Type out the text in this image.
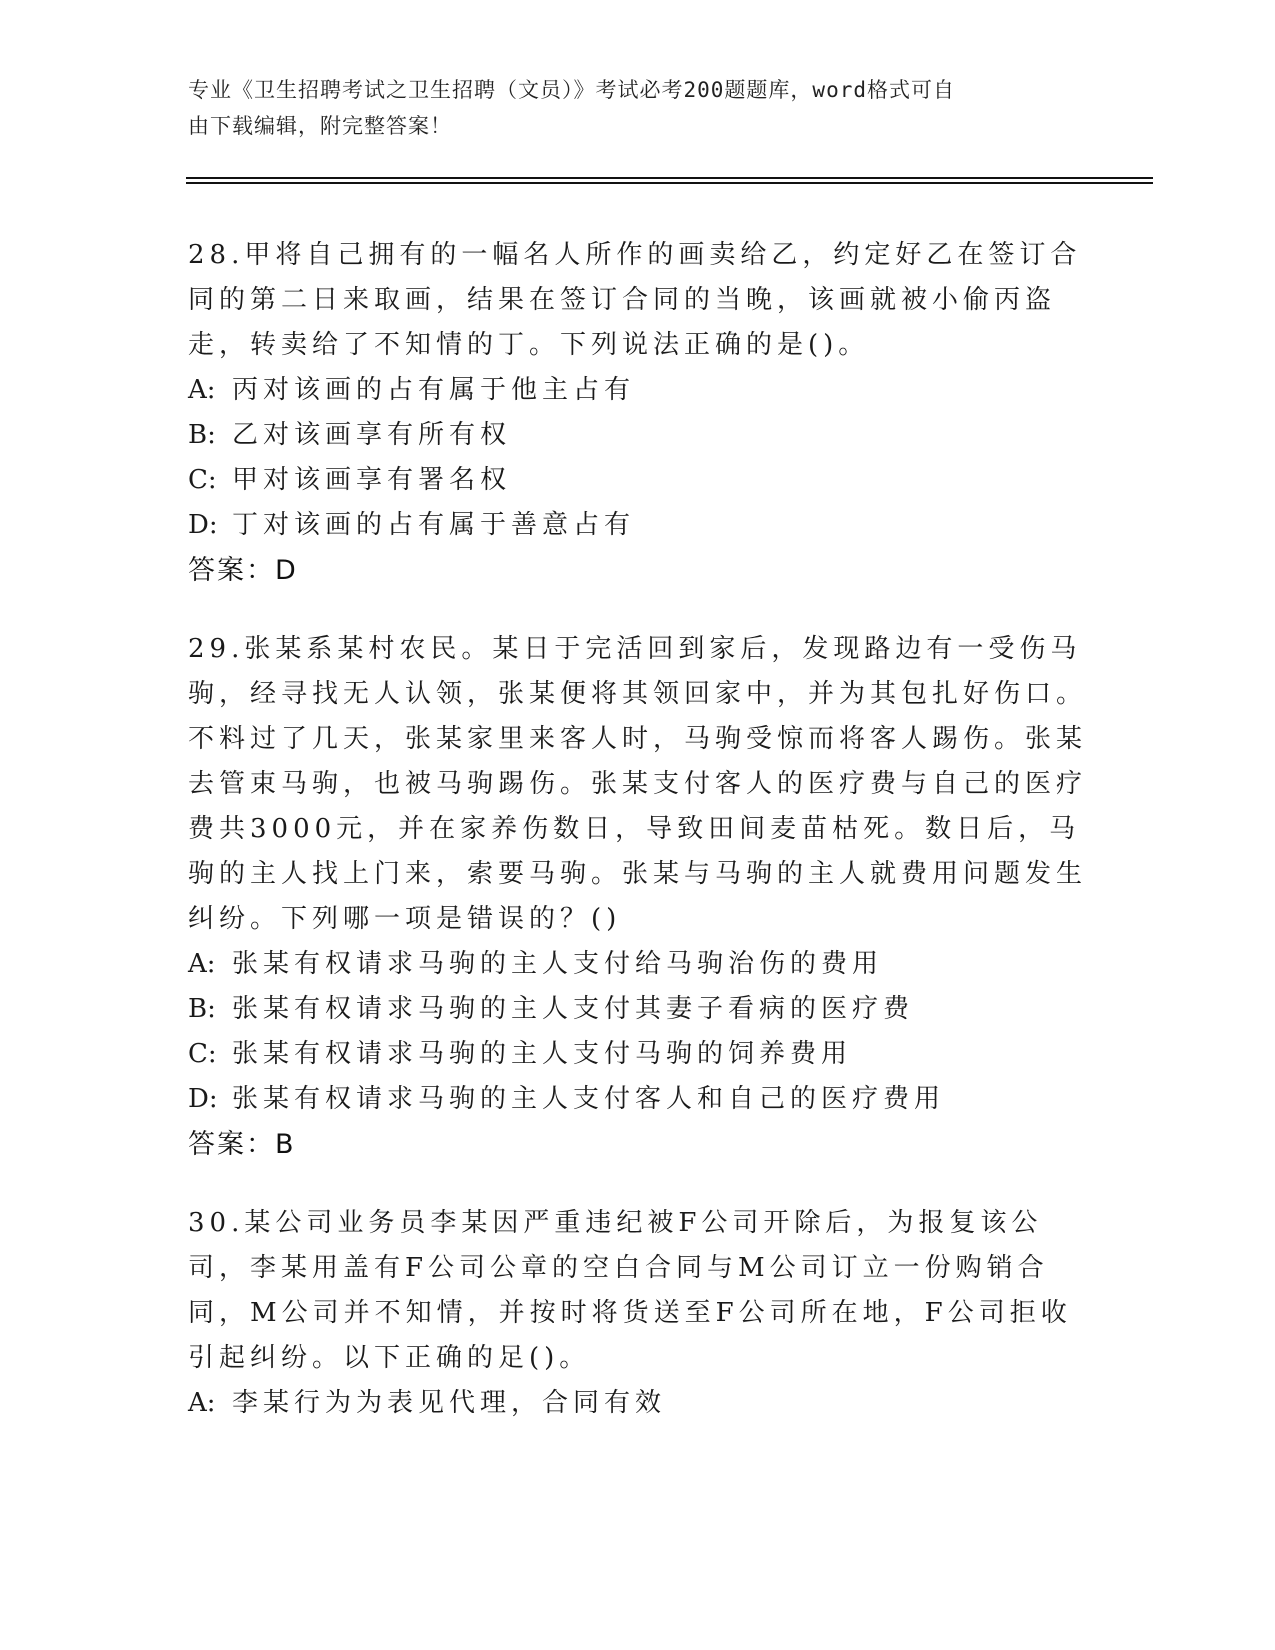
专业《卫生招聘考试之卫生招聘（文员）》考试必考200题题库，word格式可自
由下载编辑，附完整答案！

28.甲将自己拥有的一幅名人所作的画卖给乙，约定好乙在签订合同的第二日来取画，结果在签订合同的当晚，该画就被小偷丙盗走，转卖给了不知情的丁。下列说法正确的是()。

A: 丙对该画的占有属于他主占有

B: 乙对该画享有所有权

C: 甲对该画享有署名权

D: 丁对该画的占有属于善意占有

答案：D

29.张某系某村农民。某日于完活回到家后，发现路边有一受伤马驹，经寻找无人认领，张某便将其领回家中，并为其包扎好伤口。不料过了几天，张某家里来客人时，马驹受惊而将客人踢伤。张某去管束马驹，也被马驹踢伤。张某支付客人的医疗费与自己的医疗费共3000元，并在家养伤数日，导致田间麦苗枯死。数日后，马驹的主人找上门来，索要马驹。张某与马驹的主人就费用问题发生纠纷。下列哪一项是错误的？()

A: 张某有权请求马驹的主人支付给马驹治伤的费用

B: 张某有权请求马驹的主人支付其妻子看病的医疗费

C: 张某有权请求马驹的主人支付马驹的饲养费用

D: 张某有权请求马驹的主人支付客人和自己的医疗费用

答案：B

30.某公司业务员李某因严重违纪被F公司开除后，为报复该公司，李某用盖有F公司公章的空白合同与M公司订立一份购销合同，M公司并不知情，并按时将货送至F公司所在地，F公司拒收引起纠纷。以下正确的足()。

A: 李某行为为表见代理，合同有效
